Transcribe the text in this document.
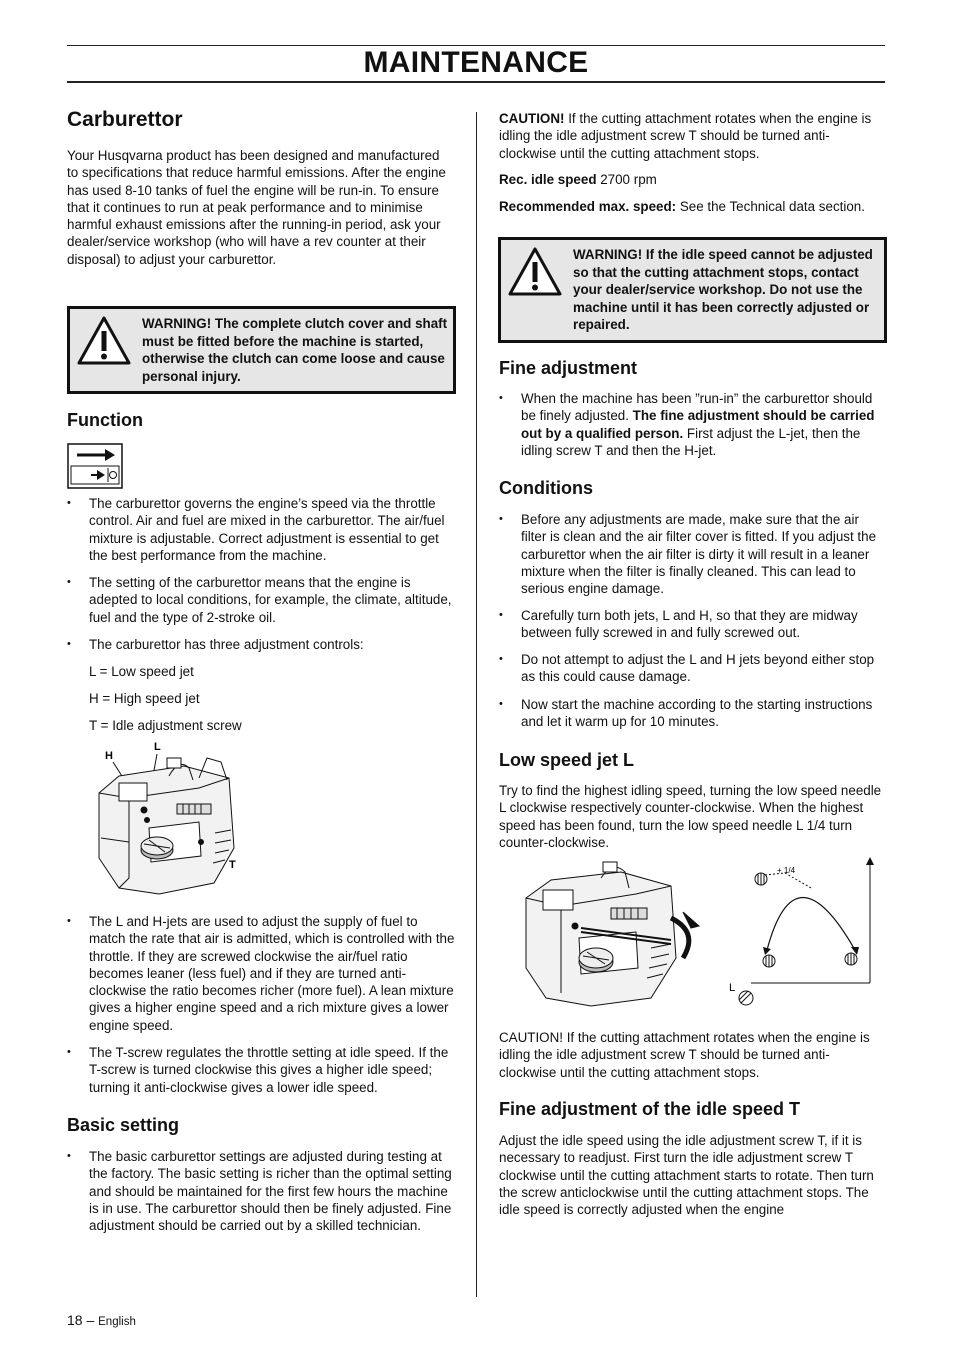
MAINTENANCE
Carburettor
Your Husqvarna product has been designed and manufactured to specifications that reduce harmful emissions. After the engine has used 8-10 tanks of fuel the engine will be run-in. To ensure that it continues to run at peak performance and to minimise harmful exhaust emissions after the running-in period, ask your dealer/service workshop (who will have a rev counter at their disposal) to adjust your carburettor.
WARNING! The complete clutch cover and shaft must be fitted before the machine is started, otherwise the clutch can come loose and cause personal injury.
Function
• The carburettor governs the engine’s speed via the throttle control. Air and fuel are mixed in the carburettor. The air/fuel mixture is adjustable. Correct adjustment is essential to get the best performance from the machine.
• The setting of the carburettor means that the engine is adepted to local conditions, for example, the climate, altitude, fuel and the type of 2-stroke oil.
• The carburettor has three adjustment controls:
L = Low speed jet
H = High speed jet
T = Idle adjustment screw
H
L
T
• The L and H-jets are used to adjust the supply of fuel to match the rate that air is admitted, which is controlled with the throttle. If they are screwed clockwise the air/fuel ratio becomes leaner (less fuel) and if they are turned anti-clockwise the ratio becomes richer (more fuel). A lean mixture gives a higher engine speed and a rich mixture gives a lower engine speed.
• The T-screw regulates the throttle setting at idle speed. If the T-screw is turned clockwise this gives a higher idle speed; turning it anti-clockwise gives a lower idle speed.
Basic setting
• The basic carburettor settings are adjusted during testing at the factory. The basic setting is richer than the optimal setting and should be maintained for the first few hours the machine is in use. The carburettor should then be finely adjusted. Fine adjustment should be carried out by a skilled technician.
CAUTION! If the cutting attachment rotates when the engine is idling the idle adjustment screw T should be turned anti-clockwise until the cutting attachment stops.
Rec. idle speed 2700 rpm
Recommended max. speed: See the Technical data section.
WARNING! If the idle speed cannot be adjusted so that the cutting attachment stops, contact your dealer/service workshop. Do not use the machine until it has been correctly adjusted or repaired.
Fine adjustment
• When the machine has been ”run-in” the carburettor should be finely adjusted. The fine adjustment should be carried out by a qualified person. First adjust the L-jet, then the idling screw T and then the H-jet.
Conditions
• Before any adjustments are made, make sure that the air filter is clean and the air filter cover is fitted. If you adjust the carburettor when the air filter is dirty it will result in a leaner mixture when the filter is finally cleaned. This can lead to serious engine damage.
• Carefully turn both jets, L and H, so that they are midway between fully screwed in and fully screwed out.
• Do not attempt to adjust the L and H jets beyond either stop as this could cause damage.
• Now start the machine according to the starting instructions and let it warm up for 10 minutes.
Low speed jet L
Try to find the highest idling speed, turning the low speed needle L clockwise respectively counter-clockwise. When the highest speed has been found, turn the low speed needle L 1/4 turn counter-clockwise.
+ 1/4
L
CAUTION! If the cutting attachment rotates when the engine is idling the idle adjustment screw T should be turned anti-clockwise until the cutting attachment stops.
Fine adjustment of the idle speed T
Adjust the idle speed using the idle adjustment screw T, if it is necessary to readjust. First turn the idle adjustment screw T clockwise until the cutting attachment starts to rotate. Then turn the screw anticlockwise until the cutting attachment stops. The idle speed is correctly adjusted when the engine
18 – English
